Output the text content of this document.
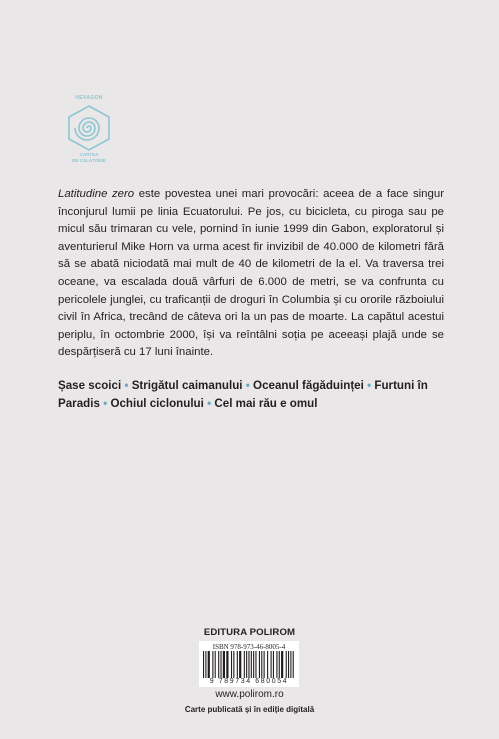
HEXAGON
CARTEA
DE CĂLĂTORIE

Latitudine zero este povestea unei mari provocări: aceea de a face singur înconjurul lumii pe linia Ecuatorului. Pe jos, cu bicicleta, cu piroga sau pe micul său trimaran cu vele, pornind în iunie 1999 din Gabon, exploratorul și aventurierul Mike Horn va urma acest fir invizibil de 40.000 de kilometri fără să se abată niciodată mai mult de 40 de kilometri de la el. Va traversa trei oceane, va escalada două vârfuri de 6.000 de metri, se va confrunta cu pericolele junglei, cu traficanții de droguri în Columbia și cu ororile războiului civil în Africa, trecând de câteva ori la un pas de moarte. La capătul acestui periplu, în octombrie 2000, își va reîntâlni soția pe aceeași plajă unde se despărțiseră cu 17 luni înainte.

Șase scoici • Strigătul caimanului • Oceanul făgăduinței • Furtuni în Paradis • Ochiul ciclonului • Cel mai rău e omul

EDITURA POLIROM
ISBN 978-973-46-8005-4
9 789734 680054
www.polirom.ro
Carte publicată și în ediție digitală
